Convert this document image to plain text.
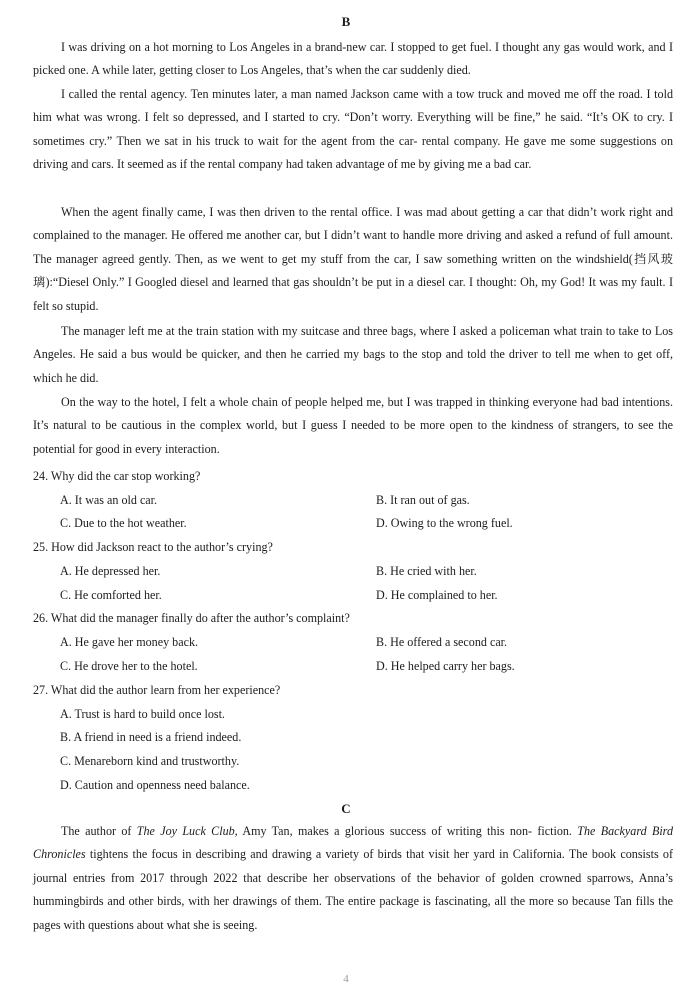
B

I was driving on a hot morning to Los Angeles in a brand-new car. I stopped to get fuel. I thought any gas would work, and I picked one. A while later, getting closer to Los Angeles, that’s when the car suddenly died.

I called the rental agency. Ten minutes later, a man named Jackson came with a tow truck and moved me off the road. I told him what was wrong. I felt so depressed, and I started to cry. “Don’t worry. Everything will be fine,” he said. “It’s OK to cry. I sometimes cry.” Then we sat in his truck to wait for the agent from the car- rental company. He gave me some suggestions on driving and cars. It seemed as if the rental company had taken advantage of me by giving me a bad car.

When the agent finally came, I was then driven to the rental office. I was mad about getting a car that didn’t work right and complained to the manager. He offered me another car, but I didn’t want to handle more driving and asked a refund of full amount. The manager agreed gently. Then, as we went to get my stuff from the car, I saw something written on the windshield(挡风玻璃):“Diesel Only.” I Googled diesel and learned that gas shouldn’t be put in a diesel car. I thought: Oh, my God! It was my fault. I felt so stupid.

The manager left me at the train station with my suitcase and three bags, where I asked a policeman what train to take to Los Angeles. He said a bus would be quicker, and then he carried my bags to the stop and told the driver to tell me when to get off, which he did.

On the way to the hotel, I felt a whole chain of people helped me, but I was trapped in thinking everyone had bad intentions. It’s natural to be cautious in the complex world, but I guess I needed to be more open to the kindness of strangers, to see the potential for good in every interaction.

24. Why did the car stop working?
A. It was an old car.	B. It ran out of gas.
C. Due to the hot weather.	D. Owing to the wrong fuel.
25. How did Jackson react to the author’s crying?
A. He depressed her.	B. He cried with her.
C. He comforted her.	D. He complained to her.
26. What did the manager finally do after the author’s complaint?
A. He gave her money back.	B. He offered a second car.
C. He drove her to the hotel.	D. He helped carry her bags.
27. What did the author learn from her experience?
A. Trust is hard to build once lost.
B. A friend in need is a friend indeed.
C. Menareborn kind and trustworthy.
D. Caution and openness need balance.
C

The author of The Joy Luck Club, Amy Tan, makes a glorious success of writing this non- fiction. The Backyard Bird Chronicles tightens the focus in describing and drawing a variety of birds that visit her yard in California. The book consists of journal entries from 2017 through 2022 that describe her observations of the behavior of golden crowned sparrows, Anna’s hummingbirds and other birds, with her drawings of them. The entire package is fascinating, all the more so because Tan fills the pages with questions about what she is seeing.

4
